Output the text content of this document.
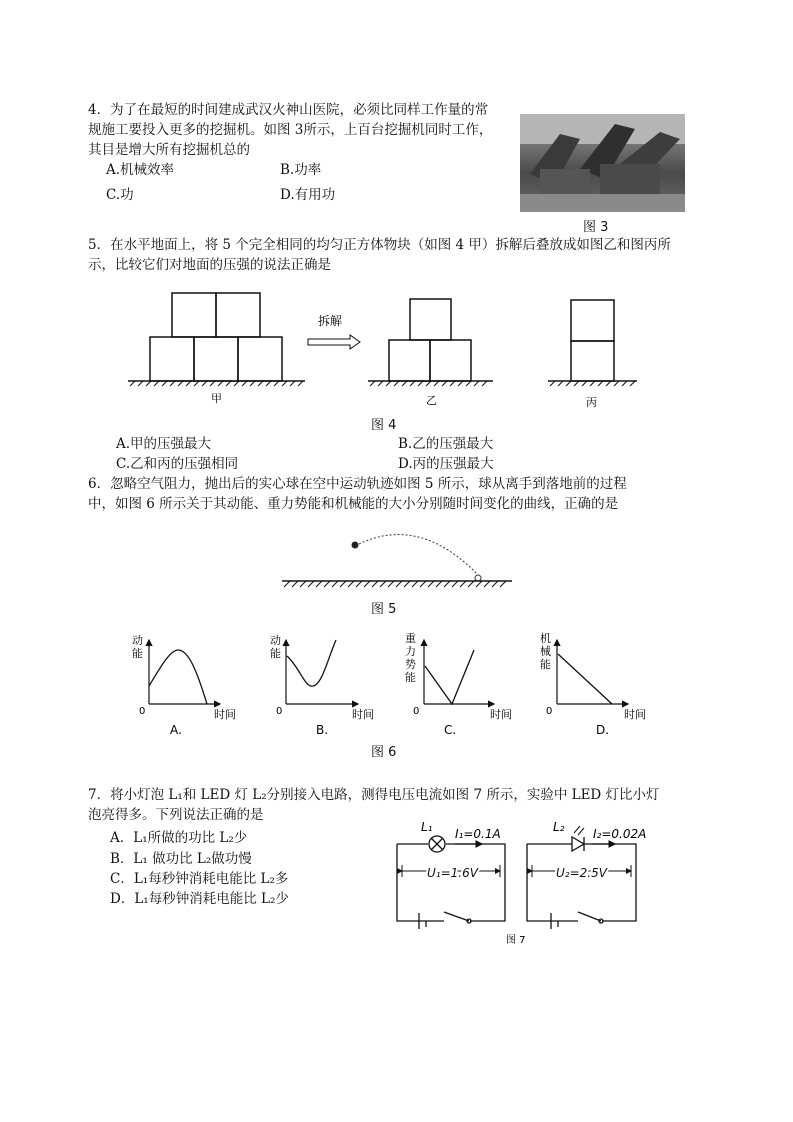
4．为了在最短的时间建成武汉火神山医院，必须比同样工作量的常
规施工要投入更多的挖掘机。如图 3所示，上百台挖掘机同时工作，
其目是增大所有挖掘机总的
A.机械效率	B.功率
C.功	D.有用功
图 3
5．在水平地面上，将 5 个完全相同的均匀正方体物块（如图 4 甲）拆解后叠放成如图乙和图丙所
示，比较它们对地面的压强的说法正确是
甲
拆解
乙	丙
图 4
A.甲的压强最大	B.乙的压强最大
C.乙和丙的压强相同	D.丙的压强最大
6．忽略空气阻力，抛出后的实心球在空中运动轨迹如图 5 所示，球从离手到落地前的过程
中，如图 6 所示关于其动能、重力势能和机械能的大小分别随时间变化的曲线，正确的是
图 5
动
能
0	时间
A.
动
能
0	时间
B.
重
力
势
能
0	时间
C.
机
械
能
0	时间
D.
图 6
7．将小灯泡 L₁和 LED 灯 L₂分别接入电路，测得电压电流如图 7 所示，实验中 LED 灯比小灯
泡亮得多。下列说法正确的是
A．L₁所做的功比 L₂少
B．L₁ 做功比 L₂做功慢
C．L₁每秒钟消耗电能比 L₂多
D．L₁每秒钟消耗电能比 L₂少
L₁ I₁=0.1A
U₁=1.6V
L₂ I₂=0.02A
U₂=2.5V
图 7
